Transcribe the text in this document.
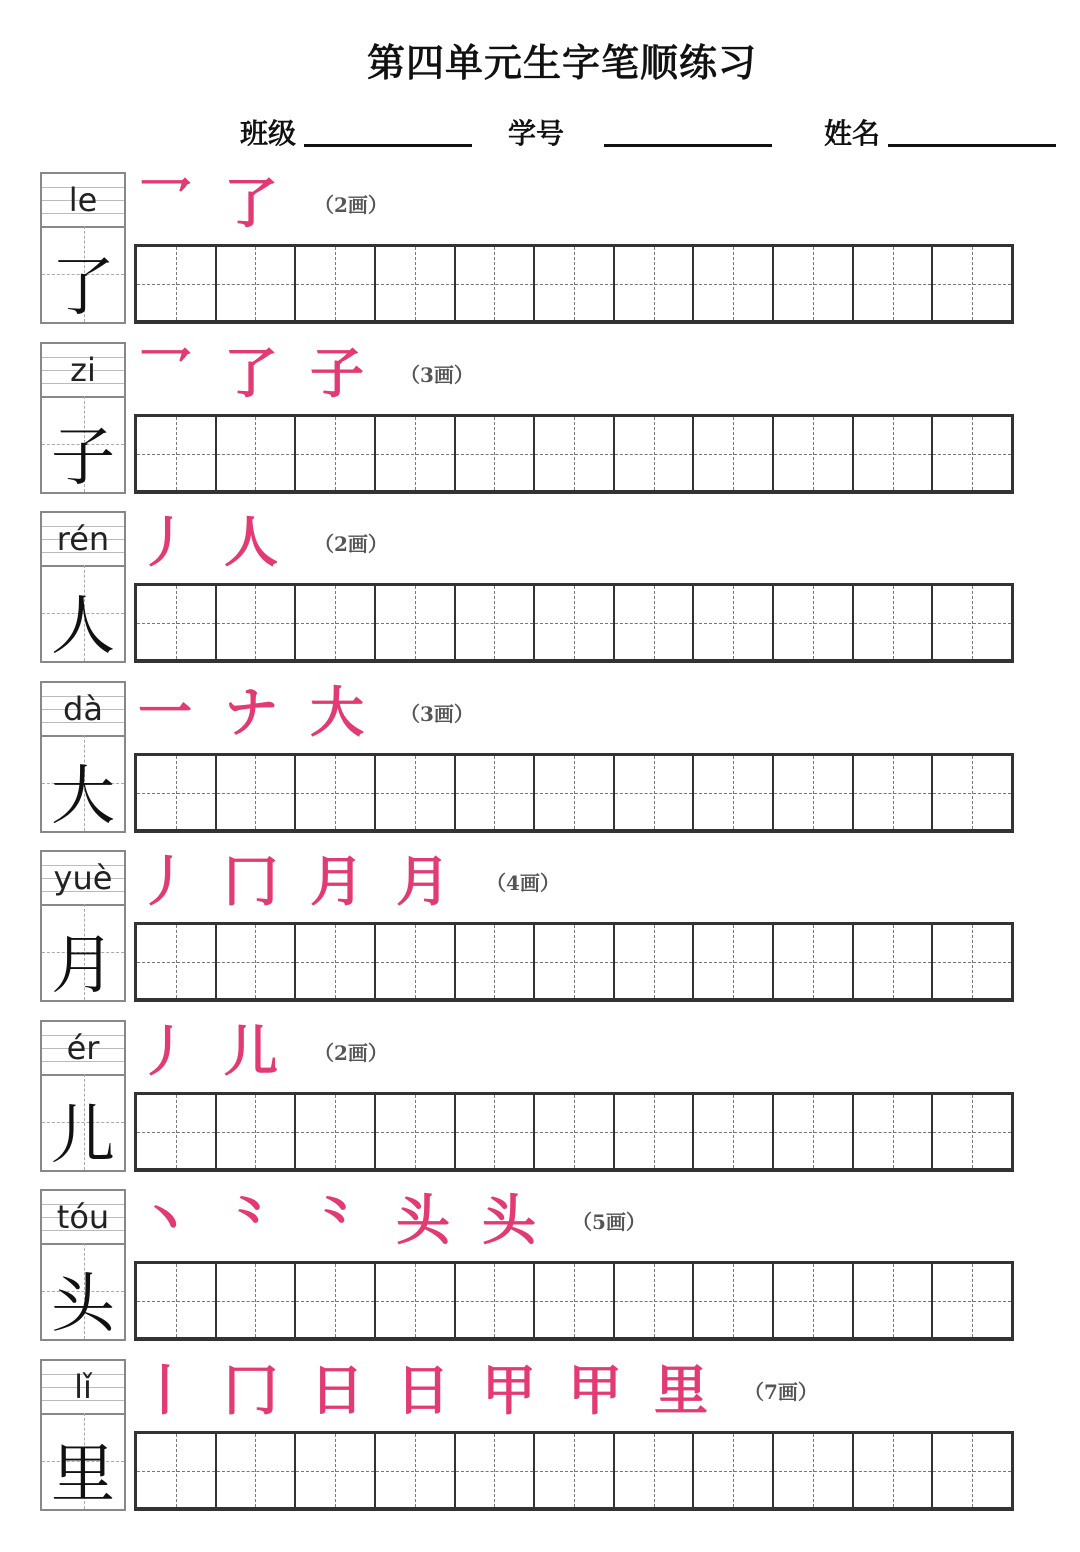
第四单元生字笔顺练习
班级	学号	姓名
le
了
乛 了 （2画）
zi
子
乛 了 子 （3画）
rén
人
丿 人 （2画）
dà
大
一 ナ 大 （3画）
yuè
月
丿 冂 月 月 （4画）
ér
儿
丿 儿 （2画）
tóu
头
丶 ⺀ ⺀ 头 头 （5画）
lǐ
里
丨 冂 日 日 甲 甲 里 （7画）
